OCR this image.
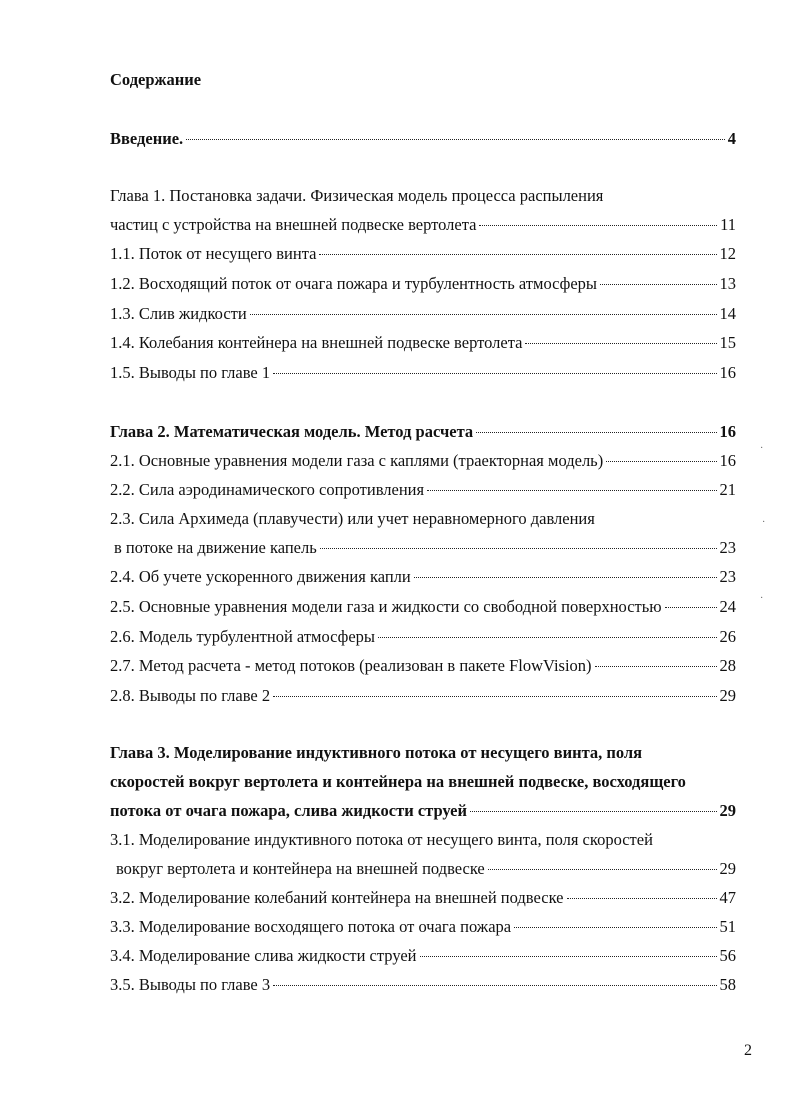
Содержание
Введение.	4
Глава 1. Постановка задачи. Физическая модель процесса распыления
частиц с устройства на внешней подвеске вертолета	11
1.1. Поток от несущего винта	12
1.2. Восходящий поток от очага пожара и турбулентность атмосферы	13
1.3. Слив жидкости	14
1.4. Колебания контейнера на внешней подвеске вертолета	15
1.5. Выводы по главе 1	16
Глава 2. Математическая модель. Метод расчета	16
2.1. Основные уравнения модели газа с каплями (траекторная модель)	16
2.2. Сила аэродинамического сопротивления	21
2.3. Сила Архимеда (плавучести) или учет неравномерного давления
в потоке на движение капель	23
2.4. Об учете ускоренного движения капли	23
2.5. Основные уравнения модели газа и жидкости со свободной поверхностью	24
2.6. Модель турбулентной атмосферы	26
2.7. Метод расчета - метод потоков (реализован в пакете FlowVision)	28
2.8. Выводы по главе 2	29
Глава 3. Моделирование индуктивного потока от несущего винта, поля
скоростей вокруг вертолета и контейнера на внешней подвеске, восходящего
потока от очага пожара, слива жидкости струей	29
3.1. Моделирование индуктивного потока от несущего винта, поля скоростей
вокруг вертолета и контейнера на внешней подвеске	29
3.2. Моделирование колебаний контейнера на внешней подвеске	47
3.3. Моделирование восходящего потока от очага пожара	51
3.4. Моделирование слива жидкости струей	56
3.5. Выводы по главе 3	58
2
·
·
·
